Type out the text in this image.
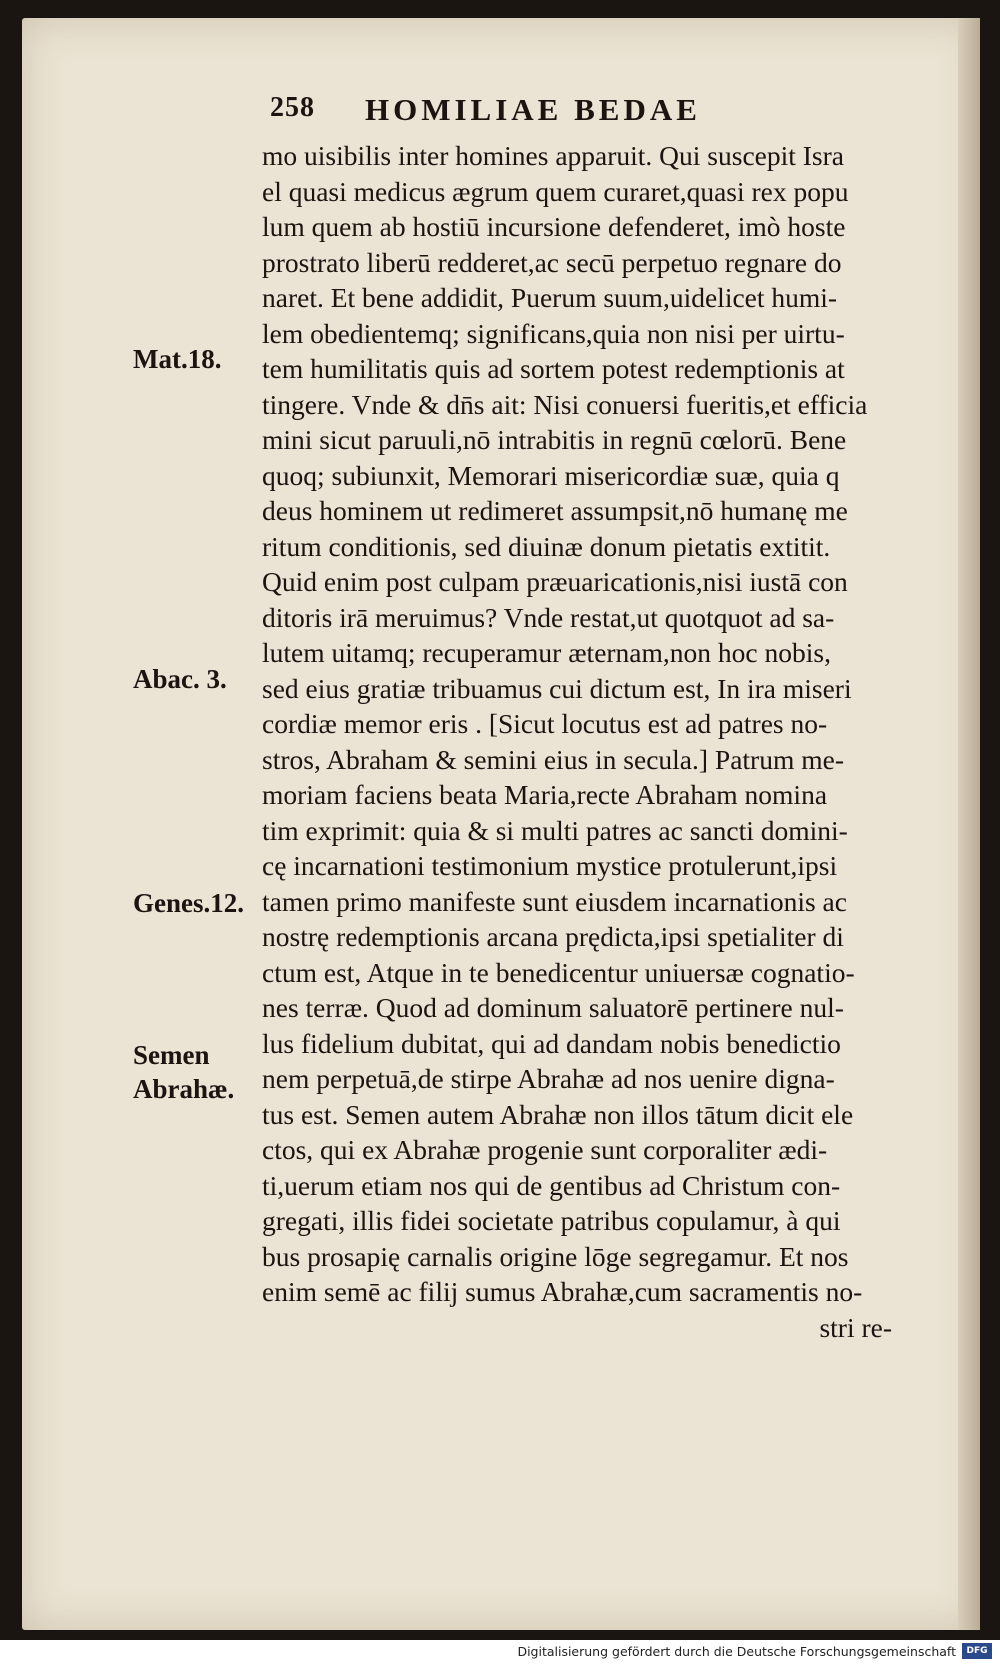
258 HOMILIAE BEDAE
Mat.18.
Abac. 3.
Genes.12.
Semen
Abrahæ.
mo uisibilis inter homines apparuit. Qui suscepit Isra
el quasi medicus ægrum quem curaret,quasi rex popu
lum quem ab hostiū incursione defenderet, imò hoste
prostrato liberū redderet,ac secū perpetuo regnare do
naret. Et bene addidit, Puerum suum,uidelicet humi-
lem obedientemq; significans,quia non nisi per uirtu-
tem humilitatis quis ad sortem potest redemptionis at
tingere. Vnde & dn̄s ait: Nisi conuersi fueritis,et efficia
mini sicut paruuli,nō intrabitis in regnū cœlorū. Bene
quoq; subiunxit, Memorari misericordiæ suæ, quia q
deus hominem ut redimeret assumpsit,nō humanę me
ritum conditionis, sed diuinæ donum pietatis extitit.
Quid enim post culpam præuaricationis,nisi iustā con
ditoris irā meruimus? Vnde restat,ut quotquot ad sa-
lutem uitamq; recuperamur æternam,non hoc nobis,
sed eius gratiæ tribuamus cui dictum est, In ira miseri
cordiæ memor eris . [Sicut locutus est ad patres no-
stros, Abraham & semini eius in secula.] Patrum me-
moriam faciens beata Maria,recte Abraham nomina
tim exprimit: quia & si multi patres ac sancti domini-
cę incarnationi testimonium mystice protulerunt,ipsi
tamen primo manifeste sunt eiusdem incarnationis ac
nostrę redemptionis arcana prędicta,ipsi spetialiter di
ctum est, Atque in te benedicentur uniuersæ cognatio-
nes terræ. Quod ad dominum saluatorē pertinere nul-
lus fidelium dubitat, qui ad dandam nobis benedictio
nem perpetuā,de stirpe Abrahæ ad nos uenire digna-
tus est. Semen autem Abrahæ non illos tātum dicit ele
ctos, qui ex Abrahæ progenie sunt corporaliter ædi-
ti,uerum etiam nos qui de gentibus ad Christum con-
gregati, illis fidei societate patribus copulamur, à qui
bus prosapię carnalis origine lōge segregamur. Et nos
enim semē ac filij sumus Abrahæ,cum sacramentis no-
stri re-
Digitalisierung gefördert durch die Deutsche Forschungsgemeinschaft	DFG
